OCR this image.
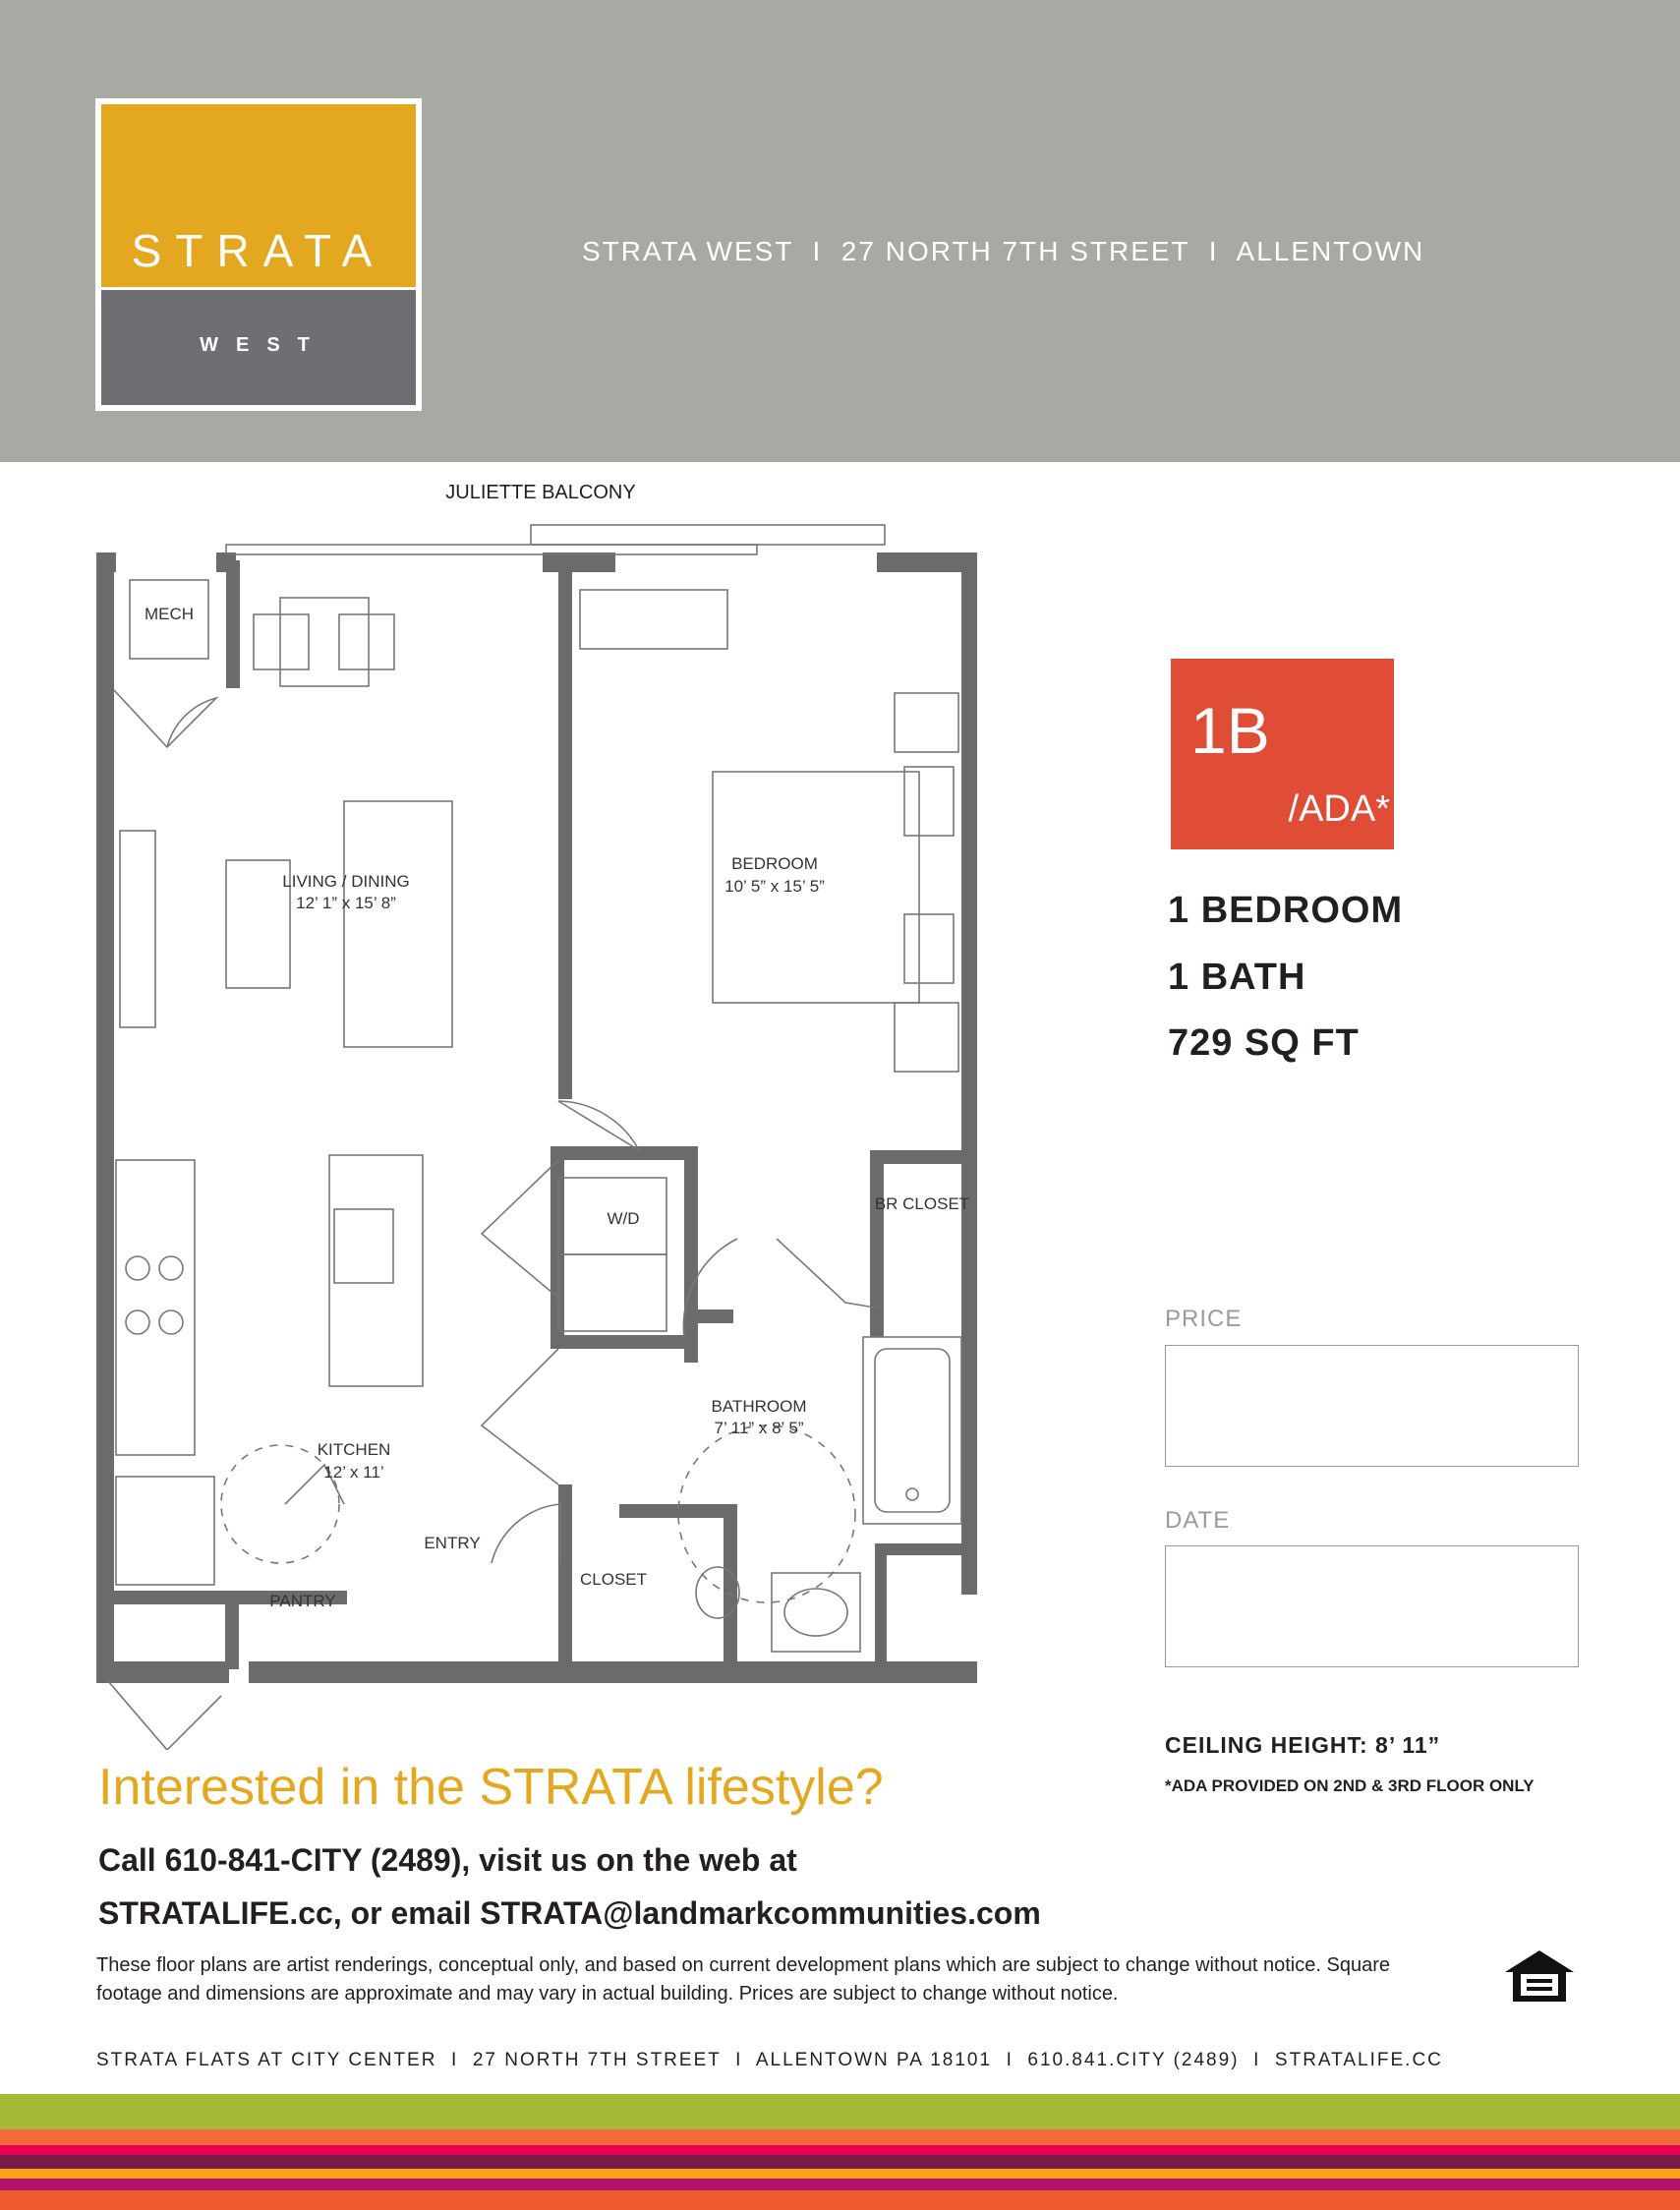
STRATA
WEST
STRATA WEST  I  27 NORTH 7TH STREET  I  ALLENTOWN
JULIETTE BALCONY
MECH
LIVING / DINING
12’ 1” x 15’ 8”
BEDROOM
10’ 5” x 15’ 5”
W/D
BR CLOSET
BATHROOM
7’ 11” x 8’ 5”
KITCHEN
12’ x 11’
ENTRY
CLOSET
PANTRY
1B
/ADA*
1 BEDROOM
1 BATH
729 SQ FT
PRICE
DATE
CEILING HEIGHT: 8’ 11”
*ADA PROVIDED ON 2ND & 3RD FLOOR ONLY
Interested in the STRATA lifestyle?
Call 610-841-CITY (2489), visit us on the web at
STRATALIFE.cc, or email STRATA@landmarkcommunities.com
These floor plans are artist renderings, conceptual only, and based on current development plans which are subject to change without notice. Square footage and dimensions are approximate and may vary in actual building. Prices are subject to change without notice.
STRATA FLATS AT CITY CENTER  I  27 NORTH 7TH STREET  I  ALLENTOWN PA 18101  I  610.841.CITY (2489)  I  STRATALIFE.CC
